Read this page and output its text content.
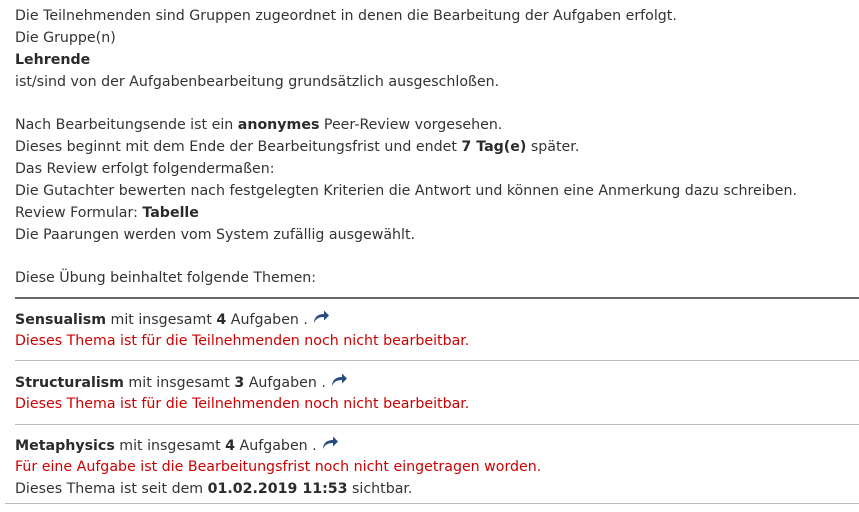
Die Teilnehmenden sind Gruppen zugeordnet in denen die Bearbeitung der Aufgaben erfolgt.
Die Gruppe(n)
Lehrende
ist/sind von der Aufgabenbearbeitung grundsätzlich ausgeschloßen.
Nach Bearbeitungsende ist ein anonymes Peer-Review vorgesehen.
Dieses beginnt mit dem Ende der Bearbeitungsfrist und endet 7 Tag(e) später.
Das Review erfolgt folgendermaßen:
Die Gutachter bewerten nach festgelegten Kriterien die Antwort und können eine Anmerkung dazu schreiben.
Review Formular: Tabelle
Die Paarungen werden vom System zufällig ausgewählt.
Diese Übung beinhaltet folgende Themen:
Sensualism mit insgesamt 4 Aufgaben .
Dieses Thema ist für die Teilnehmenden noch nicht bearbeitbar.
Structuralism mit insgesamt 3 Aufgaben .
Dieses Thema ist für die Teilnehmenden noch nicht bearbeitbar.
Metaphysics mit insgesamt 4 Aufgaben .
Für eine Aufgabe ist die Bearbeitungsfrist noch nicht eingetragen worden.
Dieses Thema ist seit dem 01.02.2019 11:53 sichtbar.
